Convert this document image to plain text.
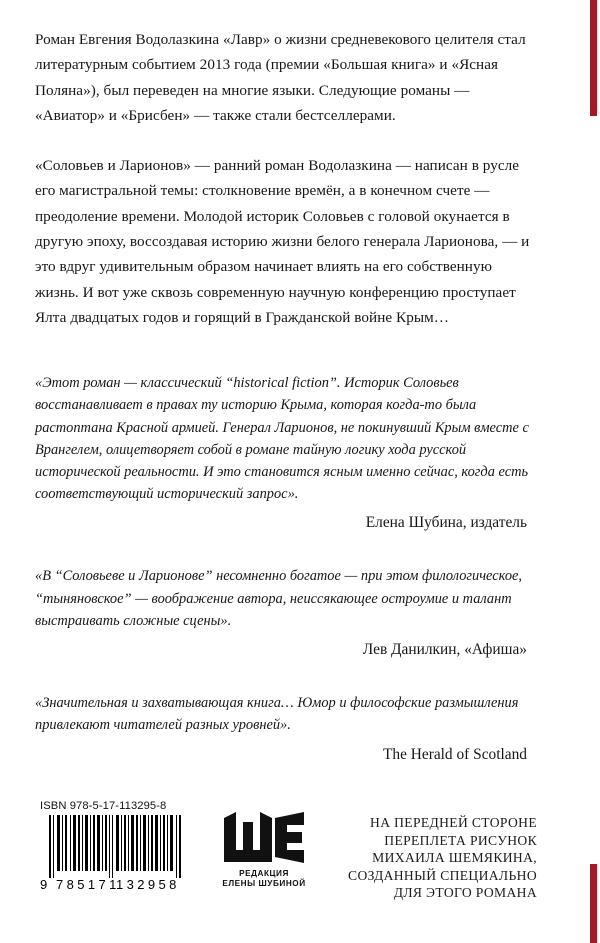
Роман Евгения Водолазкина «Лавр» о жизни средневекового целителя стал литературным событием 2013 года (премии «Большая книга» и «Ясная Поляна»), был переведен на многие языки. Следующие романы — «Авиатор» и «Брисбен» — также стали бестселлерами.

«Соловьев и Ларионов» — ранний роман Водолазкина — написан в русле его магистральной темы: столкновение времён, а в конечном счете — преодоление времени. Молодой историк Соловьев с головой окунается в другую эпоху, воссоздавая историю жизни белого генерала Ларионова, — и это вдруг удивительным образом начинает влиять на его собственную жизнь. И вот уже сквозь современную научную конференцию проступает Ялта двадцатых годов и горящий в Гражданской войне Крым…

«Этот роман — классический “historical fiction”. Историк Соловьев восстанавливает в правах ту историю Крыма, которая когда-то была растоптана Красной армией. Генерал Ларионов, не покинувший Крым вместе с Врангелем, олицетворяет собой в романе тайную логику хода русской исторической реальности. И это становится ясным именно сейчас, когда есть соответствующий исторический запрос».

Елена Шубина, издатель

«В “Соловьеве и Ларионове” несомненно богатое — при этом филологическое, “тыняновское” — воображение автора, неиссякающее остроумие и талант выстраивать сложные сцены».

Лев Данилкин, «Афиша»

«Значительная и захватывающая книга… Юмор и философские размышления привлекают читателей разных уровней».

The Herald of Scotland
ISBN 978-5-17-113295-8
9 785171
132958
РЕДАКЦИЯ
ЕЛЕНЫ ШУБИНОЙ
НА ПЕРЕДНЕЙ СТОРОНЕ
ПЕРЕПЛЕТА РИСУНОК
МИХАИЛА ШЕМЯКИНА,
СОЗДАННЫЙ СПЕЦИАЛЬНО
ДЛЯ ЭТОГО РОМАНА
